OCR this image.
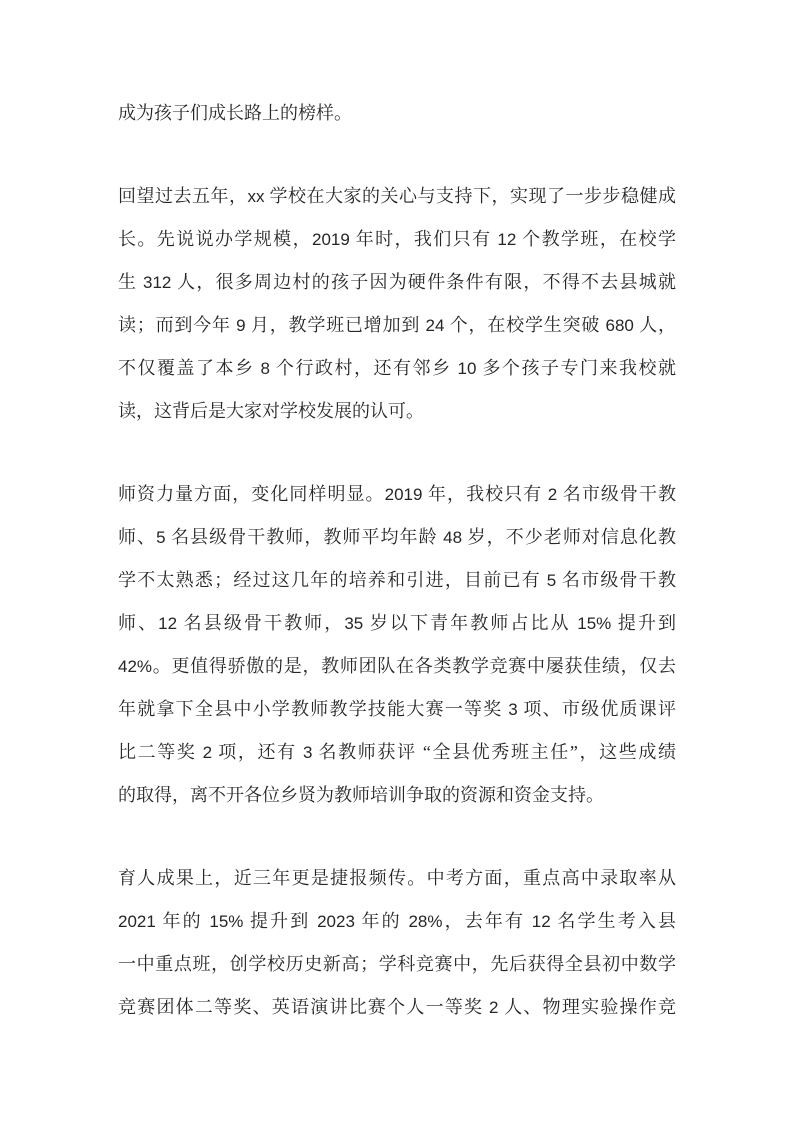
成为孩子们成长路上的榜样。
回望过去五年，xx 学校在大家的关心与支持下，实现了一步步稳健成
长。先说说办学规模，2019 年时，我们只有 12 个教学班，在校学
生 312 人，很多周边村的孩子因为硬件条件有限，不得不去县城就
读；而到今年 9 月，教学班已增加到 24 个，在校学生突破 680 人，
不仅覆盖了本乡 8 个行政村，还有邻乡 10 多个孩子专门来我校就
读，这背后是大家对学校发展的认可。
师资力量方面，变化同样明显。2019 年，我校只有 2 名市级骨干教
师、5 名县级骨干教师，教师平均年龄 48 岁，不少老师对信息化教
学不太熟悉；经过这几年的培养和引进，目前已有 5 名市级骨干教
师、12 名县级骨干教师，35 岁以下青年教师占比从 15% 提升到
42%。更值得骄傲的是，教师团队在各类教学竞赛中屡获佳绩，仅去
年就拿下全县中小学教师教学技能大赛一等奖 3 项、市级优质课评
比二等奖 2 项，还有 3 名教师获评 “全县优秀班主任”，这些成绩
的取得，离不开各位乡贤为教师培训争取的资源和资金支持。
育人成果上，近三年更是捷报频传。中考方面，重点高中录取率从
2021 年的 15% 提升到 2023 年的 28%，去年有 12 名学生考入县
一中重点班，创学校历史新高；学科竞赛中，先后获得全县初中数学
竞赛团体二等奖、英语演讲比赛个人一等奖 2 人、物理实验操作竞
